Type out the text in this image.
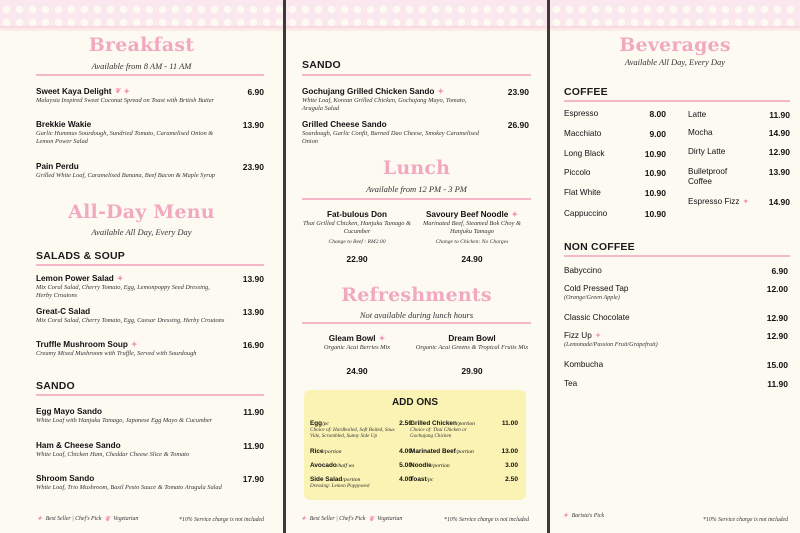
Breakfast
Available from 8 AM - 11 AM
Sweet Kaya Delight ❦ ✦
Malaysia Inspired Sweet Coconut Spread on Toast with British Butter
6.90
Brekkie Wakie
Garlic Hummus Sourdough, Sundried Tomato, Caramelised Onion & Lemon Power Salad
13.90
Pain Perdu
Grilled White Loaf, Caramelised Banana, Beef Bacon & Maple Syrup
23.90
All-Day Menu
Available All Day, Every Day
SALADS & SOUP
Lemon Power Salad ✦
Mix Coral Salad, Cherry Tomato, Egg, Lemonpoppy Seed Dressing, Herby Croutons
13.90
Great-C Salad
Mix Coral Salad, Cherry Tomato, Egg, Caesar Dressing, Herby Croutons
13.90
Truffle Mushroom Soup ✦
Creamy Mixed Mushroom with Truffle, Served with Sourdough
16.90
SANDO
Egg Mayo Sando
White Loaf with Hanjuku Tamago, Japanese Egg Mayo & Cucumber
11.90
Ham & Cheese Sando
White Loaf, Chicken Ham, Cheddar Cheese Slice & Tomato
11.90
Shroom Sando
White Loaf, Trio Mushroom, Basil Pesto Sauce & Tomato Arugula Salad
17.90
✦ Best Seller | Chef's Pick ❦ Vegetarian	*10% Service charge is not included
SANDO
Gochujang Grilled Chicken Sando ✦
White Loaf, Korean Grilled Chicken, Gochujang Mayo, Tomato, Arugula Salad
23.90
Grilled Cheese Sando
Sourdough, Garlic Confit, Burned Dao Cheese, Smokey Caramelised Onion
26.90
Lunch
Available from 12 PM - 3 PM
Fat-bulous Don
Thai Grilled Chicken, Hanjuku Tamago & Cucumber
Change to Beef : RM2.00
22.90
Savoury Beef Noodle ✦
Marinated Beef, Steamed Bok Choy & Hanjuku Tamago
Change to Chicken: No Charges
24.90
Refreshments
Not available during lunch hours
Gleam Bowl ✦
Organic Acai Berries Mix
24.90
Dream Bowl
Organic Acai Greens & Tropical Fruits Mix
29.90
ADD ONS
Egg/pc
Choice of: Hardboiled, Soft Boiled, Sous Vide, Scrambled, Sunny Side Up
2.50
Rice/portion	4.00
Avocado/half ws	5.00
Side Salad/portion
Dressing: Lemon Poppyseed
4.00
Grilled Chicken/portion
Choice of: Thai Chicken or Gochujang Chicken
11.00
Marinated Beef/portion	13.00
Noodle/portion	3.00
Toast/pc	2.50
✦ Best Seller | Chef's Pick ❦ Vegetarian	*10% Service charge is not included
Beverages
Available All Day, Every Day
COFFEE
Espresso	8.00
Macchiato	9.00
Long Black	10.90
Piccolo	10.90
Flat White	10.90
Cappuccino	10.90
Latte	11.90
Mocha	14.90
Dirty Latte	12.90
Bulletproof Coffee
13.90
Espresso Fizz ✦	14.90
NON COFFEE
Babyccino	6.90
Cold Pressed Tap
(Orange/Green Apple)
12.00
Classic Chocolate	12.90
Fizz Up ✦
(Lemonade/Passion Fruit/Grapefruit)
12.90
Kombucha	15.00
Tea	11.90
✦ Barista's Pick
*10% Service charge is not included
